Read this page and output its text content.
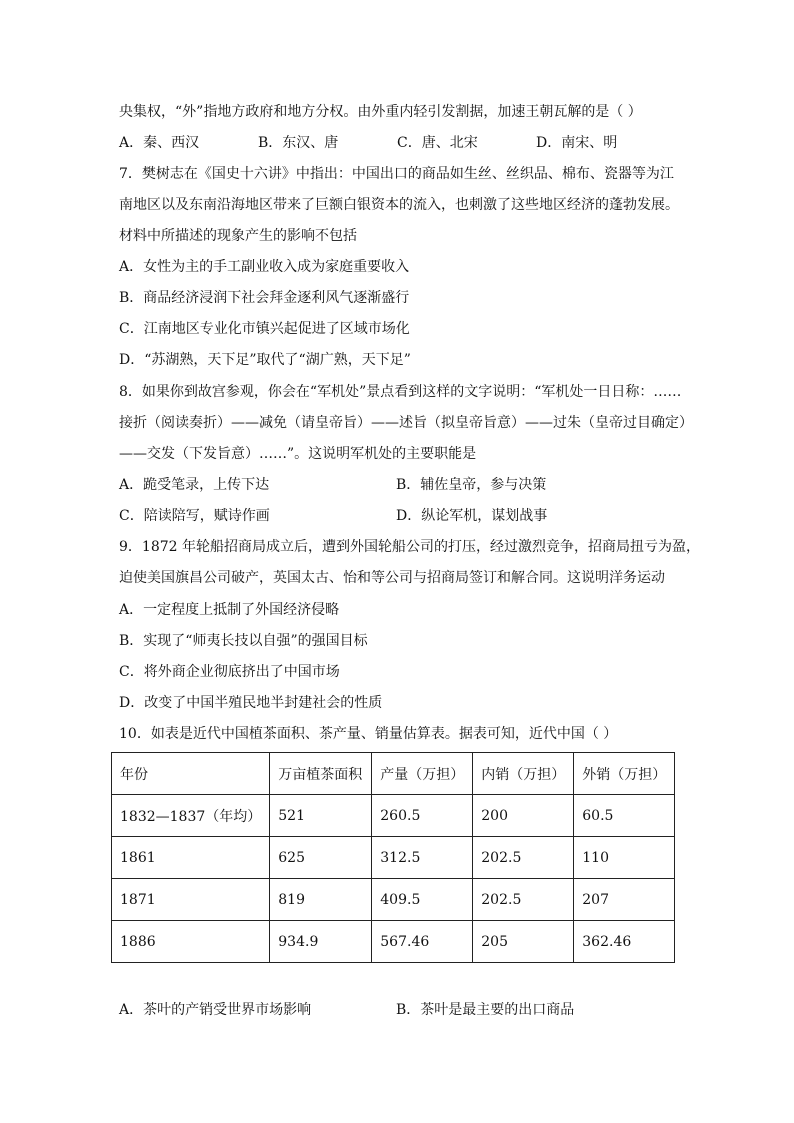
央集权，“外”指地方政府和地方分权。由外重内轻引发割据，加速王朝瓦解的是（ ）
A．秦、西汉	B．东汉、唐	C．唐、北宋	D．南宋、明
7．樊树志在《国史十六讲》中指出：中国出口的商品如生丝、丝织品、棉布、瓷器等为江
南地区以及东南沿海地区带来了巨额白银资本的流入，也刺激了这些地区经济的蓬勃发展。
材料中所描述的现象产生的影响不包括
A．女性为主的手工副业收入成为家庭重要收入
B．商品经济浸润下社会拜金逐利风气逐渐盛行
C．江南地区专业化市镇兴起促进了区域市场化
D．“苏湖熟，天下足”取代了“湖广熟，天下足”
8．如果你到故宫参观，你会在“军机处”景点看到这样的文字说明：“军机处一日日称：……
接折（阅读奏折）——减免（请皇帝旨）——述旨（拟皇帝旨意）——过朱（皇帝过目确定）
——交发（下发旨意）……”。这说明军机处的主要职能是
A．跪受笔录，上传下达	B．辅佐皇帝，参与决策
C．陪读陪写，赋诗作画	D．纵论军机，谋划战事
9．1872 年轮船招商局成立后，遭到外国轮船公司的打压，经过激烈竞争，招商局扭亏为盈，
迫使美国旗昌公司破产，英国太古、怡和等公司与招商局签订和解合同。这说明洋务运动
A．一定程度上抵制了外国经济侵略
B．实现了“师夷长技以自强”的强国目标
C．将外商企业彻底挤出了中国市场
D．改变了中国半殖民地半封建社会的性质
10．如表是近代中国植茶面积、茶产量、销量估算表。据表可知，近代中国（ ）
年份	万亩植茶面积	产量（万担）	内销（万担）	外销（万担）
1832—1837（年均）	521	260.5	200	60.5
1861	625	312.5	202.5	110
1871	819	409.5	202.5	207
1886	934.9	567.46	205	362.46
A．茶叶的产销受世界市场影响	B．茶叶是最主要的出口商品
